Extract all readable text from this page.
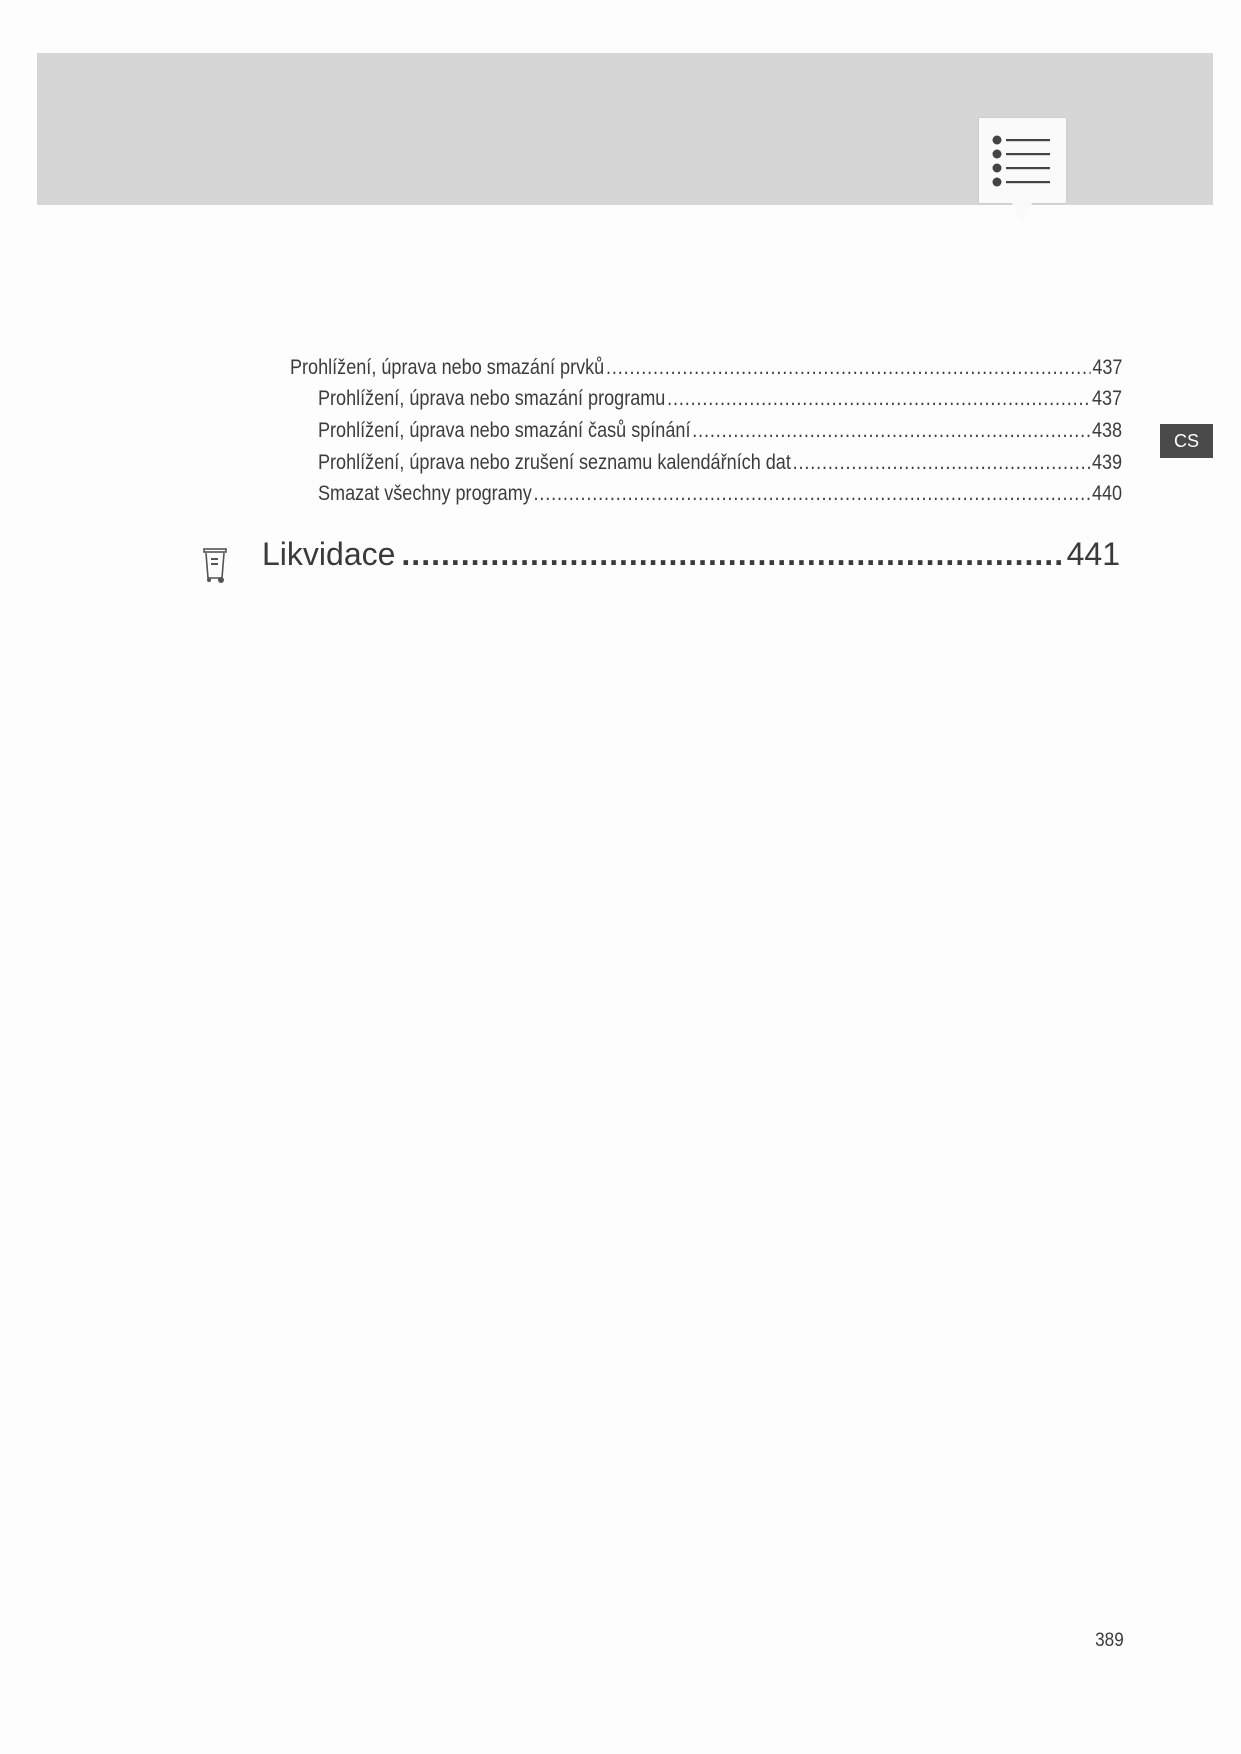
CS
Prohlížení, úprava nebo smazání prvků .....	437
Prohlížení, úprava nebo smazání programu .....	437
Prohlížení, úprava nebo smazání časů spínání .....	438
Prohlížení, úprava nebo zrušení seznamu kalendářních dat .....	439
Smazat všechny programy .....	440
Likvidace .....	441
389
